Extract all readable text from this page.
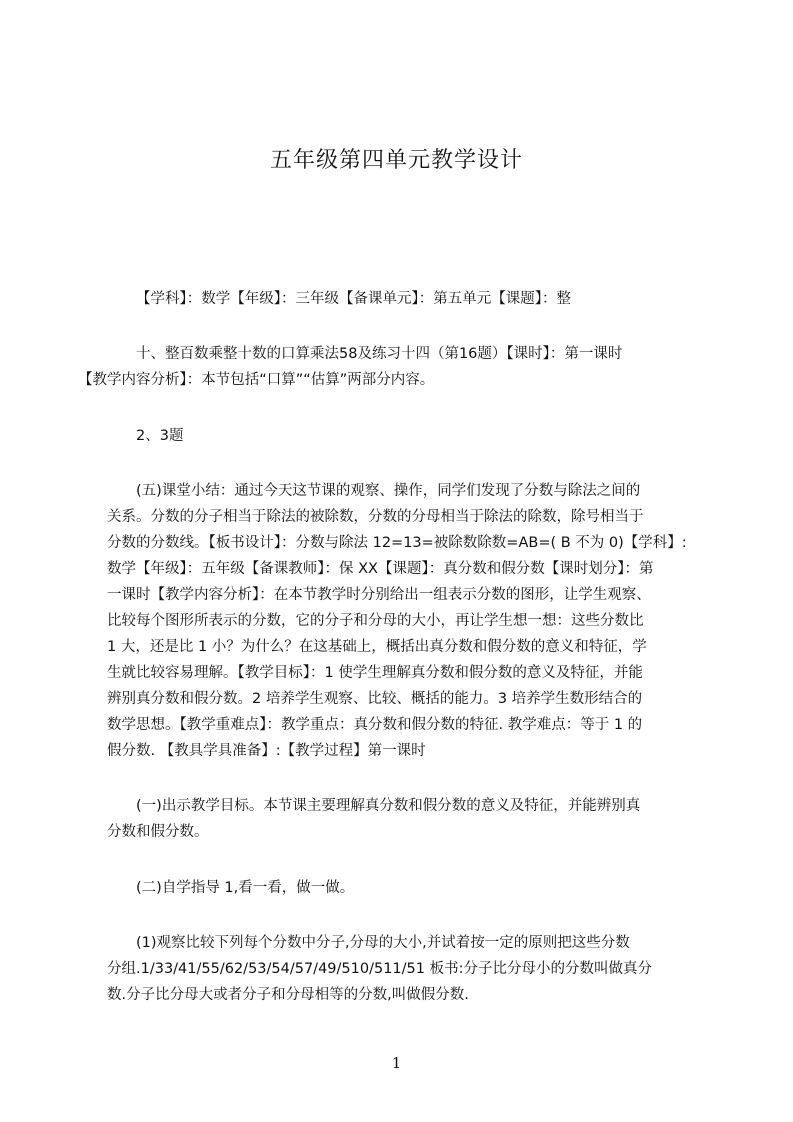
五年级第四单元教学设计
【学科】：数学【年级】：三年级【备课单元】：第五单元【课题】：整
十、整百数乘整十数的口算乘法58及练习十四（第16题）【课时】：第一课时
【教学内容分析】：本节包括“口算”“估算”两部分内容。
2、3题
(五)课堂小结：通过今天这节课的观察、操作，同学们发现了分数与除法之间的
关系。分数的分子相当于除法的被除数，分数的分母相当于除法的除数，除号相当于
分数的分数线。【板书设计】：分数与除法 12=13=被除数除数=AB=( B 不为 0)【学科】:
数学【年级】：五年级【备课教师】：保 XX【课题】：真分数和假分数【课时划分】：第
一课时【教学内容分析】：在本节教学时分别给出一组表示分数的图形，让学生观察、
比较每个图形所表示的分数，它的分子和分母的大小，再让学生想一想：这些分数比
1 大，还是比 1 小？为什么？在这基础上，概括出真分数和假分数的意义和特征，学
生就比较容易理解。【教学目标】：1 使学生理解真分数和假分数的意义及特征，并能
辨别真分数和假分数。2 培养学生观察、比较、概括的能力。3 培养学生数形结合的
数学思想。【教学重难点】：教学重点：真分数和假分数的特征. 教学难点：等于 1 的
假分数. 【教具学具准备】:【教学过程】第一课时
(一)出示教学目标。本节课主要理解真分数和假分数的意义及特征，并能辨别真
分数和假分数。
(二)自学指导 1,看一看，做一做。
(1)观察比较下列每个分数中分子,分母的大小,并试着按一定的原则把这些分数
分组.1/33/41/55/62/53/54/57/49/510/511/51 板书:分子比分母小的分数叫做真分
数.分子比分母大或者分子和分母相等的分数,叫做假分数.
1
